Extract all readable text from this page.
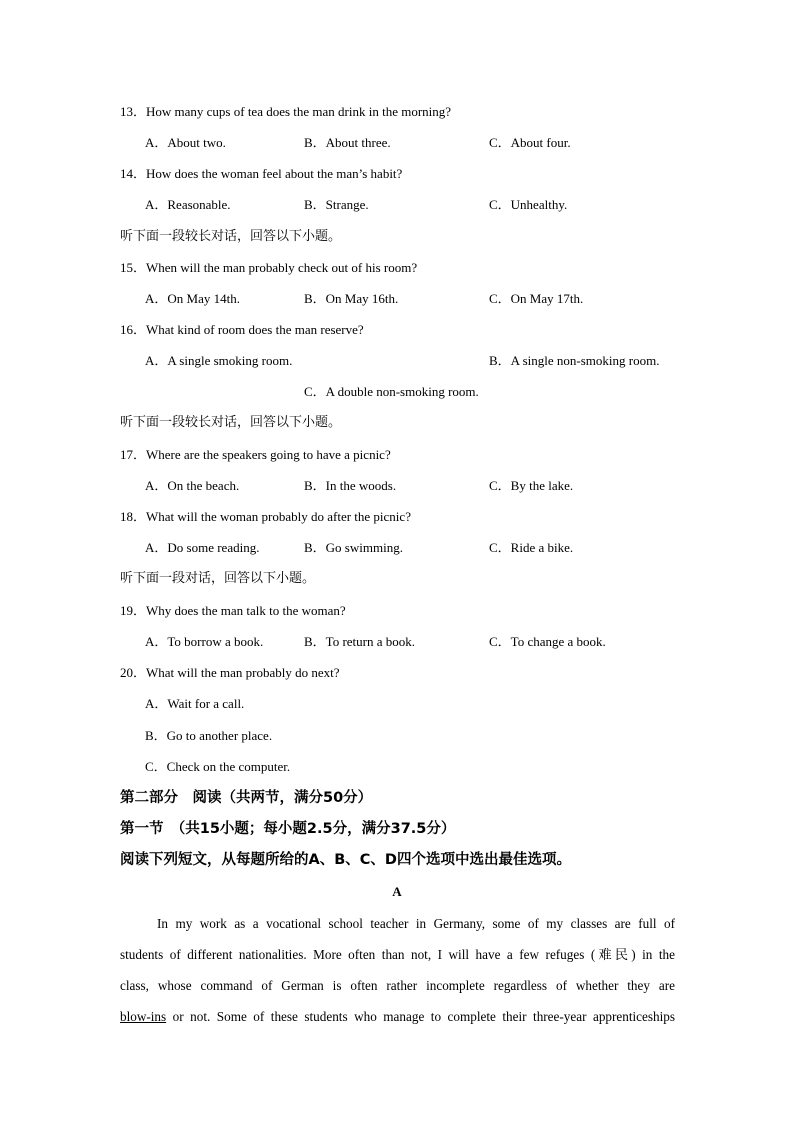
13．How many cups of tea does the man drink in the morning?
A．About two.	B．About three.	C．About four.
14．How does the woman feel about the man’s habit?
A．Reasonable.	B．Strange.	C．Unhealthy.
听下面一段较长对话，回答以下小题。
15．When will the man probably check out of his room?
A．On May 14th.	B．On May 16th.	C．On May 17th.
16．What kind of room does the man reserve?
A．A single smoking room.	B．A single non-smoking room.
C．A double non-smoking room.
听下面一段较长对话，回答以下小题。
17．Where are the speakers going to have a picnic?
A．On the beach.	B．In the woods.	C．By the lake.
18．What will the woman probably do after the picnic?
A．Do some reading.	B．Go swimming.	C．Ride a bike.
听下面一段对话，回答以下小题。
19．Why does the man talk to the woman?
A．To borrow a book.	B．To return a book.	C．To change a book.
20．What will the man probably do next?
A．Wait for a call.
B．Go to another place.
C．Check on the computer.
第二部分　阅读（共两节，满分50分）
第一节　（共15小题；每小题2.5分，满分37.5分）
阅读下列短文，从每题所给的A、B、C、D四个选项中选出最佳选项。
A
In my work as a vocational school teacher in Germany, some of my classes are full of
students of different nationalities. More often than not, I will have a few refuges (难民) in the
class, whose command of German is often rather incomplete regardless of whether they are
blow-ins or not. Some of these students who manage to complete their three-year apprenticeships
